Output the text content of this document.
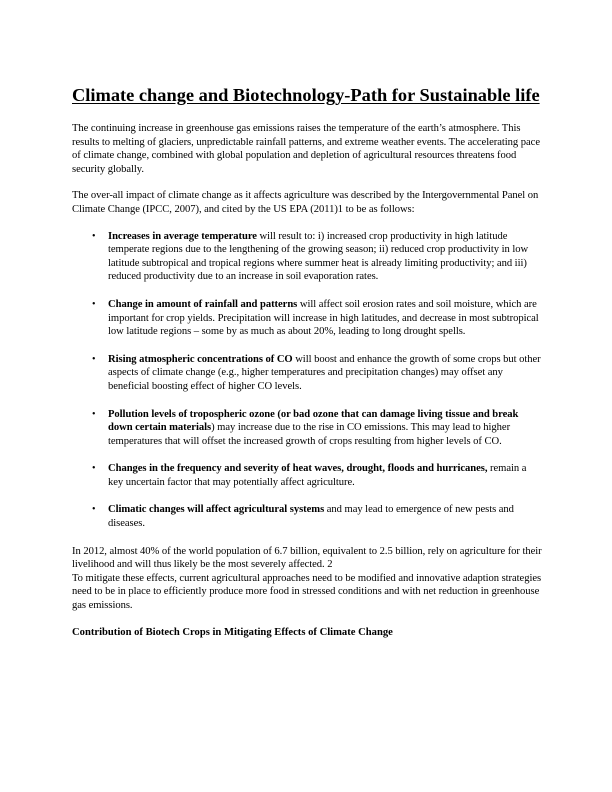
Climate change and Biotechnology-Path for Sustainable life

The continuing increase in greenhouse gas emissions raises the temperature of the earth’s atmosphere. This results to melting of glaciers, unpredictable rainfall patterns, and extreme weather events. The accelerating pace of climate change, combined with global population and depletion of agricultural resources threatens food security globally.

The over-all impact of climate change as it affects agriculture was described by the Intergovernmental Panel on Climate Change (IPCC, 2007), and cited by the US EPA (2011)1 to be as follows:

• Increases in average temperature will result to: i) increased crop productivity in high latitude temperate regions due to the lengthening of the growing season; ii) reduced crop productivity in low latitude subtropical and tropical regions where summer heat is already limiting productivity; and iii) reduced productivity due to an increase in soil evaporation rates.
• Change in amount of rainfall and patterns will affect soil erosion rates and soil moisture, which are important for crop yields. Precipitation will increase in high latitudes, and decrease in most subtropical low latitude regions – some by as much as about 20%, leading to long drought spells.
• Rising atmospheric concentrations of CO will boost and enhance the growth of some crops but other aspects of climate change (e.g., higher temperatures and precipitation changes) may offset any beneficial boosting effect of higher CO levels.
• Pollution levels of tropospheric ozone (or bad ozone that can damage living tissue and break down certain materials) may increase due to the rise in CO emissions. This may lead to higher temperatures that will offset the increased growth of crops resulting from higher levels of CO.
• Changes in the frequency and severity of heat waves, drought, floods and hurricanes, remain a key uncertain factor that may potentially affect agriculture.
• Climatic changes will affect agricultural systems and may lead to emergence of new pests and diseases.

In 2012, almost 40% of the world population of 6.7 billion, equivalent to 2.5 billion, rely on agriculture for their livelihood and will thus likely be the most severely affected. 2

To mitigate these effects, current agricultural approaches need to be modified and innovative adaption strategies need to be in place to efficiently produce more food in stressed conditions and with net reduction in greenhouse gas emissions.

Contribution of Biotech Crops in Mitigating Effects of Climate Change
